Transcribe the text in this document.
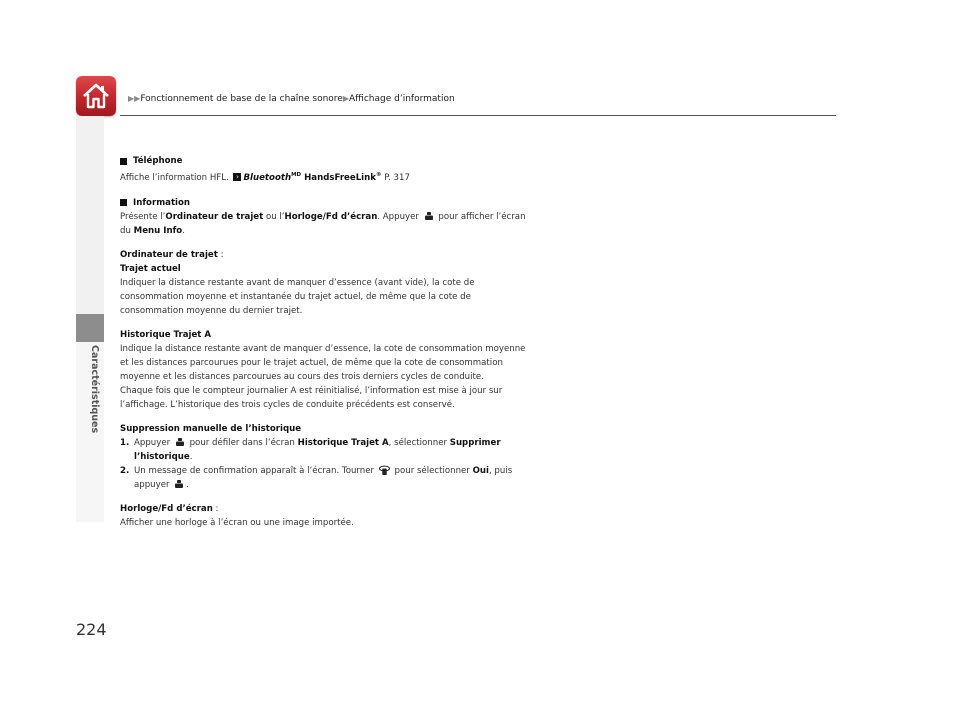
▶▶Fonctionnement de base de la chaîne sonore▶Affichage d’information
Caractéristiques
Téléphone

Affiche l’information HFL. › Bluetooth$^{MD}$ HandsFreeLink® P. 317

Information

Présente l’Ordinateur de trajet ou l’Horloge/Fd d’écran. Appuyer  pour afficher l’écran
du Menu Info.

Ordinateur de trajet :
Trajet actuel
Indiquer la distance restante avant de manquer d’essence (avant vide), la cote de
consommation moyenne et instantanée du trajet actuel, de même que la cote de
consommation moyenne du dernier trajet.

Historique Trajet A
Indique la distance restante avant de manquer d’essence, la cote de consommation moyenne
et les distances parcourues pour le trajet actuel, de même que la cote de consommation
moyenne et les distances parcourues au cours des trois derniers cycles de conduite.
Chaque fois que le compteur journalier A est réinitialisé, l’information est mise à jour sur
l’affichage. L’historique des trois cycles de conduite précédents est conservé.

Suppression manuelle de l’historique

1. Appuyer  pour défiler dans l’écran Historique Trajet A, sélectionner Supprimer
l’historique.
2. Un message de confirmation apparaît à l’écran. Tourner  pour sélectionner Oui, puis
appuyer .

Horloge/Fd d’écran :
Afficher une horloge à l’écran ou une image importée.

224
